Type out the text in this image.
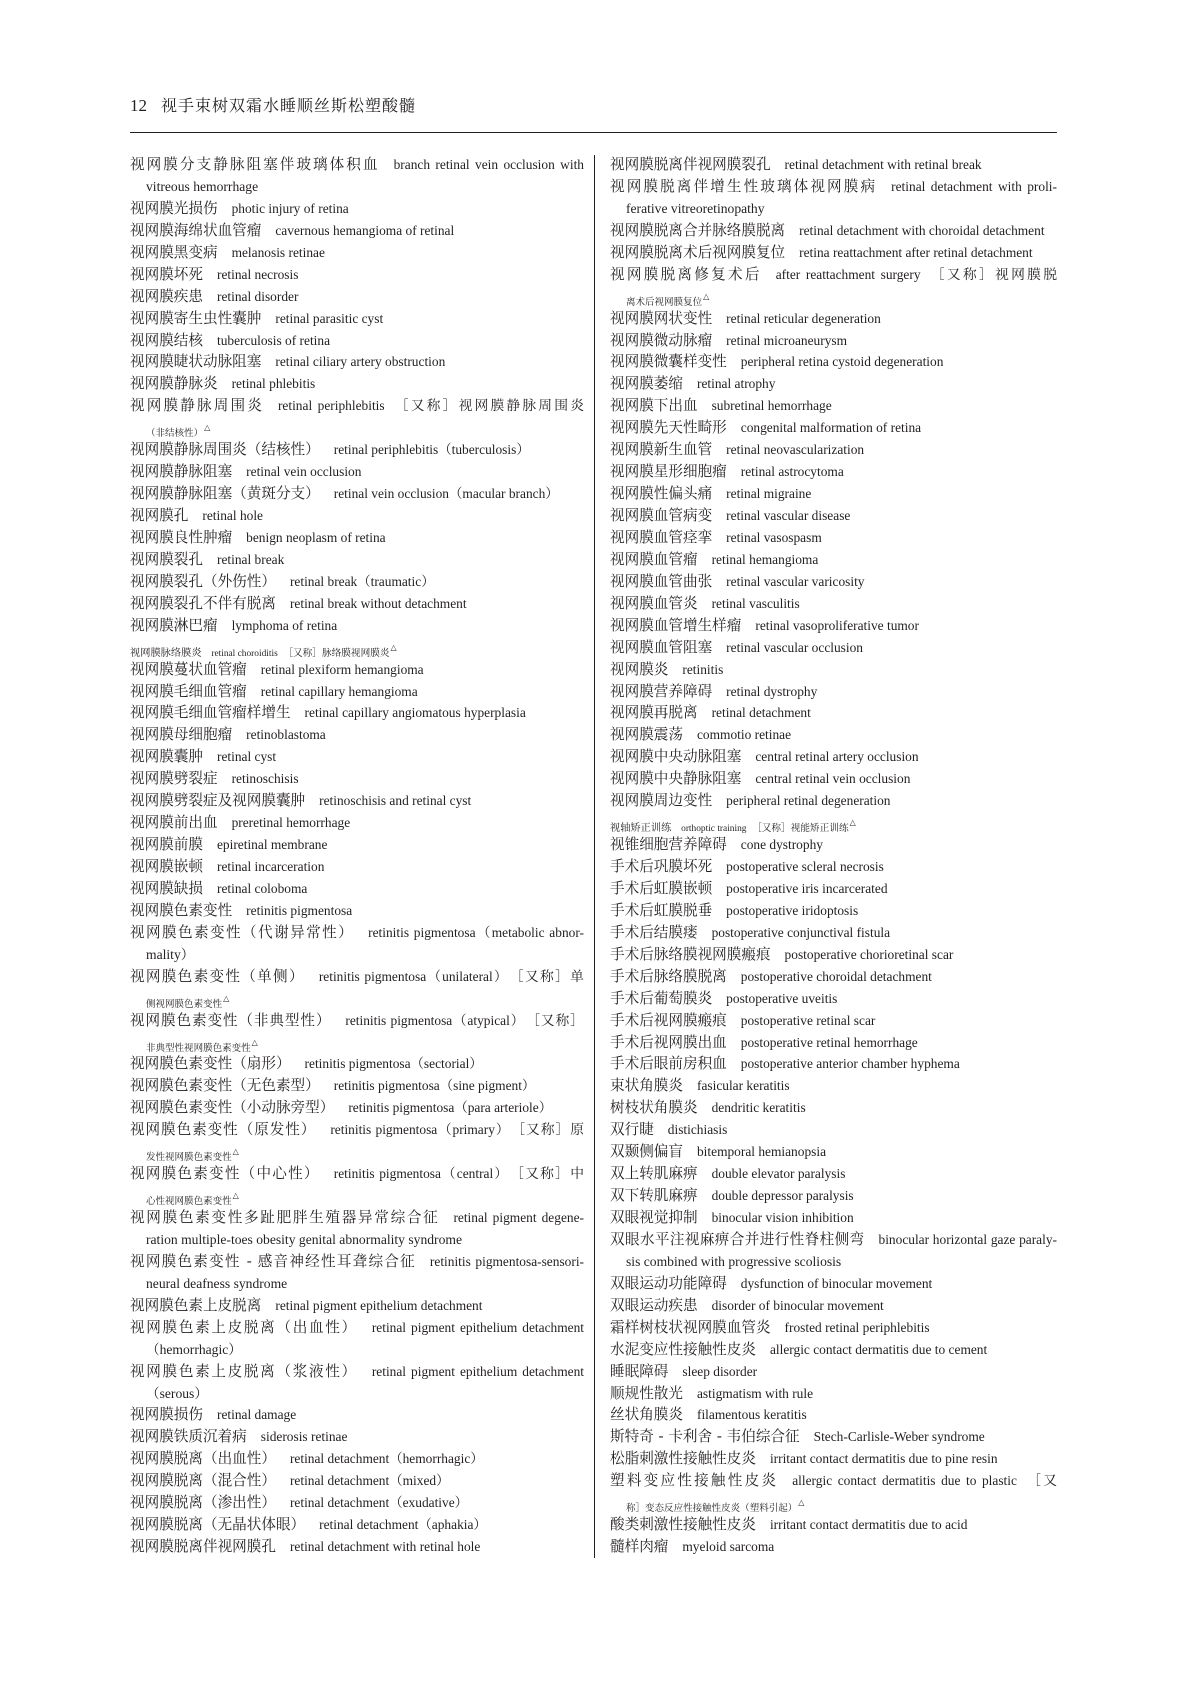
12 视手束树双霜水睡顺丝斯松塑酸髓
视网膜分支静脉阻塞伴玻璃体积血 branch retinal vein occlusion with
vitreous hemorrhage
视网膜光损伤 photic injury of retina
视网膜海绵状血管瘤 cavernous hemangioma of retinal
视网膜黑变病 melanosis retinae
视网膜坏死 retinal necrosis
视网膜疾患 retinal disorder
视网膜寄生虫性囊肿 retinal parasitic cyst
视网膜结核 tuberculosis of retina
视网膜睫状动脉阻塞 retinal ciliary artery obstruction
视网膜静脉炎 retinal phlebitis
视网膜静脉周围炎 retinal periphlebitis ［又称］视网膜静脉周围炎
（非结核性）△
视网膜静脉周围炎（结核性） retinal periphlebitis（tuberculosis）
视网膜静脉阻塞 retinal vein occlusion
视网膜静脉阻塞（黄斑分支） retinal vein occlusion（macular branch）
视网膜孔 retinal hole
视网膜良性肿瘤 benign neoplasm of retina
视网膜裂孔 retinal break
视网膜裂孔（外伤性） retinal break（traumatic）
视网膜裂孔不伴有脱离 retinal break without detachment
视网膜淋巴瘤 lymphoma of retina
视网膜脉络膜炎 retinal choroiditis ［又称］脉络膜视网膜炎△
视网膜蔓状血管瘤 retinal plexiform hemangioma
视网膜毛细血管瘤 retinal capillary hemangioma
视网膜毛细血管瘤样增生 retinal capillary angiomatous hyperplasia
视网膜母细胞瘤 retinoblastoma
视网膜囊肿 retinal cyst
视网膜劈裂症 retinoschisis
视网膜劈裂症及视网膜囊肿 retinoschisis and retinal cyst
视网膜前出血 preretinal hemorrhage
视网膜前膜 epiretinal membrane
视网膜嵌顿 retinal incarceration
视网膜缺损 retinal coloboma
视网膜色素变性 retinitis pigmentosa
视网膜色素变性（代谢异常性） retinitis pigmentosa（metabolic abnor-
mality）
视网膜色素变性（单侧） retinitis pigmentosa（unilateral） ［又称］单
侧视网膜色素变性△
视网膜色素变性（非典型性） retinitis pigmentosa（atypical） ［又称］
非典型性视网膜色素变性△
视网膜色素变性（扇形） retinitis pigmentosa（sectorial）
视网膜色素变性（无色素型） retinitis pigmentosa（sine pigment）
视网膜色素变性（小动脉旁型） retinitis pigmentosa（para arteriole）
视网膜色素变性（原发性） retinitis pigmentosa（primary） ［又称］原
发性视网膜色素变性△
视网膜色素变性（中心性） retinitis pigmentosa（central） ［又称］中
心性视网膜色素变性△
视网膜色素变性多趾肥胖生殖器异常综合征 retinal pigment degene-
ration multiple-toes obesity genital abnormality syndrome
视网膜色素变性 - 感音神经性耳聋综合征 retinitis pigmentosa-sensori-
neural deafness syndrome
视网膜色素上皮脱离 retinal pigment epithelium detachment
视网膜色素上皮脱离（出血性） retinal pigment epithelium detachment
（hemorrhagic）
视网膜色素上皮脱离（浆液性） retinal pigment epithelium detachment
（serous）
视网膜损伤 retinal damage
视网膜铁质沉着病 siderosis retinae
视网膜脱离（出血性） retinal detachment（hemorrhagic）
视网膜脱离（混合性） retinal detachment（mixed）
视网膜脱离（渗出性） retinal detachment（exudative）
视网膜脱离（无晶状体眼） retinal detachment（aphakia）
视网膜脱离伴视网膜孔 retinal detachment with retinal hole
视网膜脱离伴视网膜裂孔 retinal detachment with retinal break
视网膜脱离伴增生性玻璃体视网膜病 retinal detachment with proli-
ferative vitreoretinopathy
视网膜脱离合并脉络膜脱离 retinal detachment with choroidal detachment
视网膜脱离术后视网膜复位 retina reattachment after retinal detachment
视网膜脱离修复术后 after reattachment surgery ［又称］视网膜脱
离术后视网膜复位△
视网膜网状变性 retinal reticular degeneration
视网膜微动脉瘤 retinal microaneurysm
视网膜微囊样变性 peripheral retina cystoid degeneration
视网膜萎缩 retinal atrophy
视网膜下出血 subretinal hemorrhage
视网膜先天性畸形 congenital malformation of retina
视网膜新生血管 retinal neovascularization
视网膜星形细胞瘤 retinal astrocytoma
视网膜性偏头痛 retinal migraine
视网膜血管病变 retinal vascular disease
视网膜血管痉挛 retinal vasospasm
视网膜血管瘤 retinal hemangioma
视网膜血管曲张 retinal vascular varicosity
视网膜血管炎 retinal vasculitis
视网膜血管增生样瘤 retinal vasoproliferative tumor
视网膜血管阻塞 retinal vascular occlusion
视网膜炎 retinitis
视网膜营养障碍 retinal dystrophy
视网膜再脱离 retinal detachment
视网膜震荡 commotio retinae
视网膜中央动脉阻塞 central retinal artery occlusion
视网膜中央静脉阻塞 central retinal vein occlusion
视网膜周边变性 peripheral retinal degeneration
视轴矫正训练 orthoptic training ［又称］视能矫正训练△
视锥细胞营养障碍 cone dystrophy
手术后巩膜坏死 postoperative scleral necrosis
手术后虹膜嵌顿 postoperative iris incarcerated
手术后虹膜脱垂 postoperative iridoptosis
手术后结膜瘘 postoperative conjunctival fistula
手术后脉络膜视网膜瘢痕 postoperative chorioretinal scar
手术后脉络膜脱离 postoperative choroidal detachment
手术后葡萄膜炎 postoperative uveitis
手术后视网膜瘢痕 postoperative retinal scar
手术后视网膜出血 postoperative retinal hemorrhage
手术后眼前房积血 postoperative anterior chamber hyphema
束状角膜炎 fasicular keratitis
树枝状角膜炎 dendritic keratitis
双行睫 distichiasis
双颞侧偏盲 bitemporal hemianopsia
双上转肌麻痹 double elevator paralysis
双下转肌麻痹 double depressor paralysis
双眼视觉抑制 binocular vision inhibition
双眼水平注视麻痹合并进行性脊柱侧弯 binocular horizontal gaze paraly-
sis combined with progressive scoliosis
双眼运动功能障碍 dysfunction of binocular movement
双眼运动疾患 disorder of binocular movement
霜样树枝状视网膜血管炎 frosted retinal periphlebitis
水泥变应性接触性皮炎 allergic contact dermatitis due to cement
睡眠障碍 sleep disorder
顺规性散光 astigmatism with rule
丝状角膜炎 filamentous keratitis
斯特奇 - 卡利舍 - 韦伯综合征 Stech-Carlisle-Weber syndrome
松脂刺激性接触性皮炎 irritant contact dermatitis due to pine resin
塑料变应性接触性皮炎 allergic contact dermatitis due to plastic ［又
称］变态反应性接触性皮炎（塑料引起）△
酸类刺激性接触性皮炎 irritant contact dermatitis due to acid
髓样肉瘤 myeloid sarcoma
